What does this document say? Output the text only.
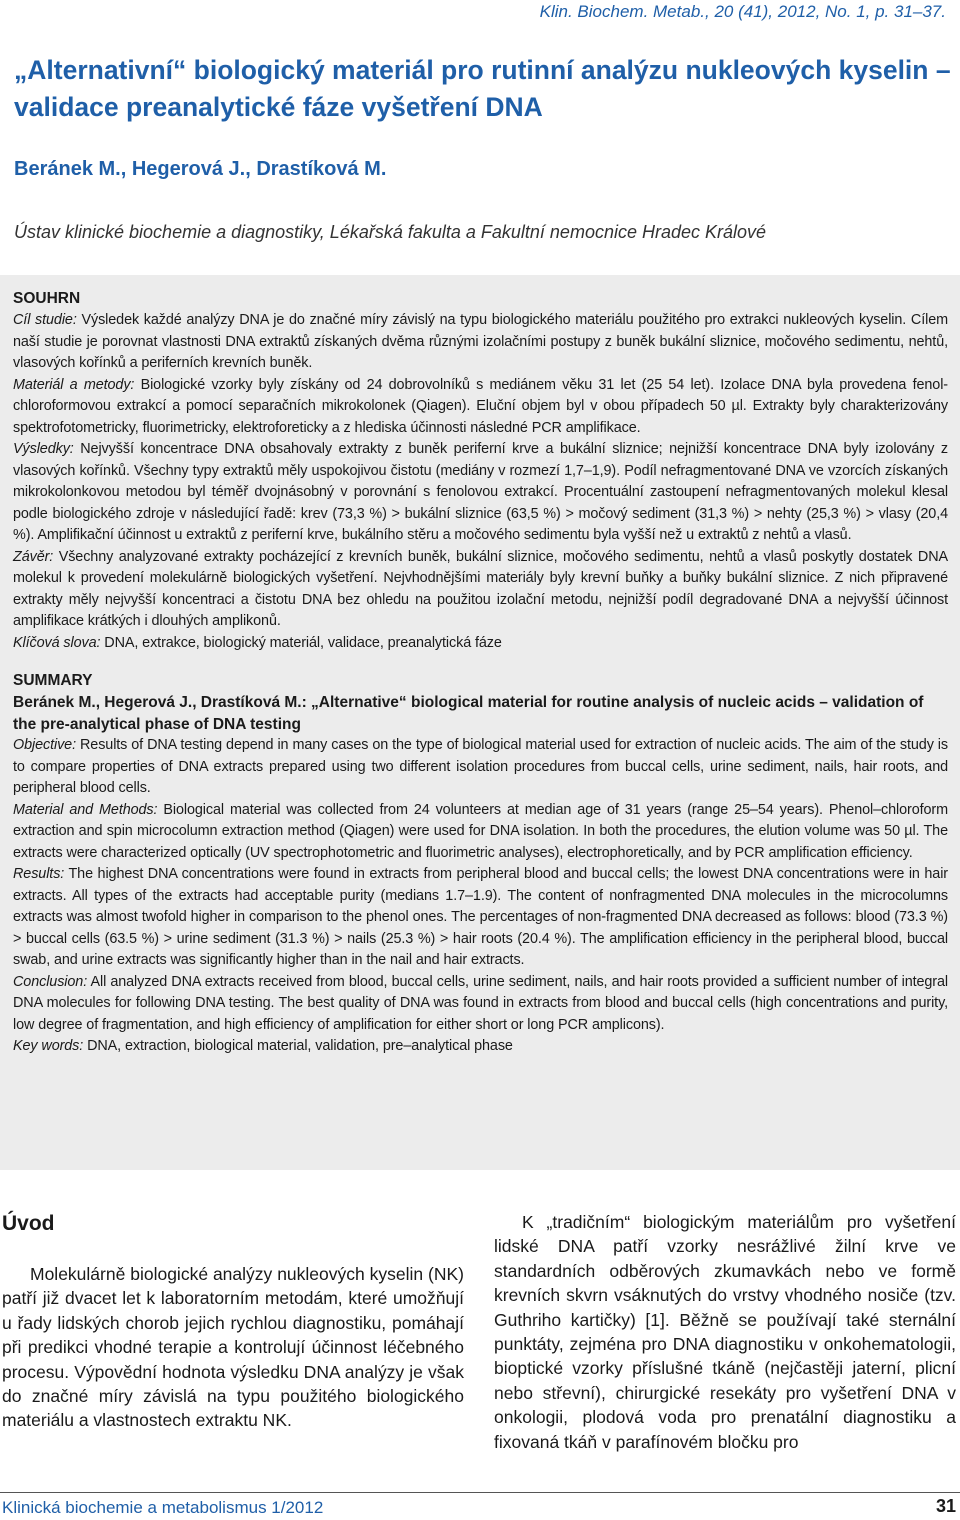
Klin. Biochem. Metab., 20 (41), 2012, No. 1, p. 31–37.
„Alternativní“ biologický materiál pro rutinní analýzu nukleových kyselin – validace preanalytické fáze vyšetření DNA
Beránek M., Hegerová J., Drastíková M.
Ústav klinické biochemie a diagnostiky, Lékařská fakulta a Fakultní nemocnice Hradec Králové
SOUHRN

Cíl studie: Výsledek každé analýzy DNA je do značné míry závislý na typu biologického materiálu použitého pro extrakci nukleových kyselin. Cílem naší studie je porovnat vlastnosti DNA extraktů získaných dvěma různými izolačními postupy z buněk bukální sliznice, močového sedimentu, nehtů, vlasových kořínků a periferních krevních buněk.

Materiál a metody: Biologické vzorky byly získány od 24 dobrovolníků s mediánem věku 31 let (25 54 let). Izolace DNA byla provedena fenol-chloroformovou extrakcí a pomocí separačních mikrokolonek (Qiagen). Eluční objem byl v obou případech 50 µl. Extrakty byly charakterizovány spektrofotometricky, fluorimetricky, elektroforeticky a z hlediska účinnosti následné PCR amplifikace.

Výsledky: Nejvyšší koncentrace DNA obsahovaly extrakty z buněk periferní krve a bukální sliznice; nejnižší koncentrace DNA byly izolovány z vlasových kořínků. Všechny typy extraktů měly uspokojivou čistotu (mediány v rozmezí 1,7–1,9). Podíl nefragmentované DNA ve vzorcích získaných mikrokolonkovou metodou byl téměř dvojnásobný v porovnání s fenolovou extrakcí. Procentuální zastoupení nefragmentovaných molekul klesal podle biologického zdroje v následující řadě: krev (73,3 %) > bukální sliznice (63,5 %) > močový sediment (31,3 %) > nehty (25,3 %) > vlasy (20,4 %). Amplifikační účinnost u extraktů z periferní krve, bukálního stěru a močového sedimentu byla vyšší než u extraktů z nehtů a vlasů.

Závěr: Všechny analyzované extrakty pocházející z krevních buněk, bukální sliznice, močového sedimentu, nehtů a vlasů poskytly dostatek DNA molekul k provedení molekulárně biologických vyšetření. Nejvhodnějšími materiály byly krevní buňky a buňky bukální sliznice. Z nich připravené extrakty měly nejvyšší koncentraci a čistotu DNA bez ohledu na použitou izolační metodu, nejnižší podíl degradované DNA a nejvyšší účinnost amplifikace krátkých i dlouhých amplikonů.

Klíčová slova: DNA, extrakce, biologický materiál, validace, preanalytická fáze

SUMMARY

Beránek M., Hegerová J., Drastíková M.: „Alternative“ biological material for routine analysis of nucleic acids – validation of the pre-analytical phase of DNA testing

Objective: Results of DNA testing depend in many cases on the type of biological material used for extraction of nucleic acids. The aim of the study is to compare properties of DNA extracts prepared using two different isolation procedures from buccal cells, urine sediment, nails, hair roots, and peripheral blood cells.

Material and Methods: Biological material was collected from 24 volunteers at median age of 31 years (range 25–54 years). Phenol–chloroform extraction and spin microcolumn extraction method (Qiagen) were used for DNA isolation. In both the procedures, the elution volume was 50 µl. The extracts were characterized optically (UV spectrophotometric and fluorimetric analyses), electrophoretically, and by PCR amplification efficiency.

Results: The highest DNA concentrations were found in extracts from peripheral blood and buccal cells; the lowest DNA concentrations were in hair extracts. All types of the extracts had acceptable purity (medians 1.7–1.9). The content of nonfragmented DNA molecules in the microcolumns extracts was almost twofold higher in comparison to the phenol ones. The percentages of non-fragmented DNA decreased as follows: blood (73.3 %) > buccal cells (63.5 %) > urine sediment (31.3 %) > nails (25.3 %) > hair roots (20.4 %). The amplification efficiency in the peripheral blood, buccal swab, and urine extracts was significantly higher than in the nail and hair extracts.

Conclusion: All analyzed DNA extracts received from blood, buccal cells, urine sediment, nails, and hair roots provided a sufficient number of integral DNA molecules for following DNA testing. The best quality of DNA was found in extracts from blood and buccal cells (high concentrations and purity, low degree of fragmentation, and high efficiency of amplification for either short or long PCR amplicons).

Key words: DNA, extraction, biological material, validation, pre–analytical phase

Úvod

Molekulárně biologické analýzy nukleových kyselin (NK) patří již dvacet let k laboratorním metodám, které umožňují u řady lidských chorob jejich rychlou diagnostiku, pomáhají při predikci vhodné terapie a kontrolují účinnost léčebného procesu. Výpovědní hodnota výsledku DNA analýzy je však do značné míry závislá na typu použitého biologického materiálu a vlastnostech extraktu NK.

K „tradičním“ biologickým materiálům pro vyšetření lidské DNA patří vzorky nesrážlivé žilní krve ve standardních odběrových zkumavkách nebo ve formě krevních skvrn vsáknutých do vrstvy vhodného nosiče (tzv. Guthriho kartičky) [1]. Běžně se používají také sternální punktáty, zejména pro DNA diagnostiku v onkohematologii, bioptické vzorky příslušné tkáně (nejčastěji jaterní, plicní nebo střevní), chirurgické resekáty pro vyšetření DNA v onkologii, plodová voda pro prenatální diagnostiku a fixovaná tkáň v parafínovém bločku pro

Klinická biochemie a metabolismus 1/2012	31
